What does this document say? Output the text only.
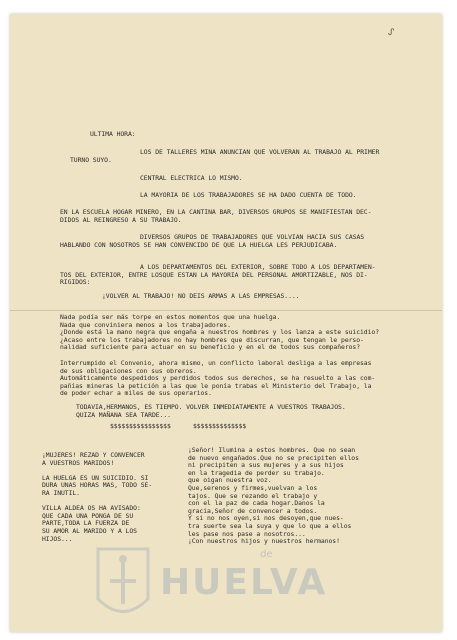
ᔑ

ULTIMA HORA:

LOS DE TALLERES MINA ANUNCIAN QUE VOLVERAN AL TRABAJO AL PRIMER
TURNO SUYO.

CENTRAL ELECTRICA LO MISMO.

LA MAYORIA DE LOS TRABAJADORES SE HA DADO CUENTA DE TODO.

EN LA ESCUELA HOGAR MINERO, EN LA CANTINA BAR, DIVERSOS GRUPOS SE MANIFIESTAN DEC-
DIDOS AL REINGRESO A SU TRABAJO.
DIVERSOS GRUPOS DE TRABAJADORES QUE VOLVIAN HACIA SUS CASAS
HABLANDO CON NOSOTROS SE HAN CONVENCIDO DE QUE LA HUELGA LES PERJUDICABA.
A LOS DEPARTAMENTOS DEL EXTERIOR, SOBRE TODO A LOS DEPARTAMEN-
TOS DEL EXTERIOR, ENTRE LOSQUE ESTAN LA MAYORIA DEL PERSONAL AMORTIZABLE, NOS DI-
RIGIDOS:

¡VOLVER AL TRABAJO! NO DEIS ARMAS A LAS EMPRESAS....

Nada podía ser más torpe en estos momentos que una huelga.
Nada que conviniera menos a los trabajadores.
¿Donde está la mano negra que engaña a nuestros hombres y los lanza a este suicidio?
¿Acaso entre los trabajadores no hay hombres que discurran, que tengan le perso-
nalidad suficiente para actuar en su beneficio y en el de todos sus compañeros?
Interrumpido el Convenio, ahora mismo, un conflicto laboral desliga a las empresas
de sus obligaciones con sus obreros.
Automáticamente despedidos y perdidos todos sus derechos, se ha resuelto a las com-
pañías mineras la petición a las que le ponía trabas el Ministerio del Trabajo, la
de poder echar a miles de sus operarios.
TODAVIA,HERMANOS, ES TIEMPO. VOLVER INMEDIATAMENTE A VUESTROS TRABAJOS.
QUIZA MAÑANA SEA TARDE...

$$$$$$$$$$$$$$$$	$$$$$$$$$$$$$$

¡MUJERES! REZAD Y CONVENCER
A VUESTROS MARIDOS!

LA HUELGA ES UN SUICIDIO. SI
DURA UNAS HORAS MAS, TODO SE-
RA INUTIL.

VILLA ALDEA OS HA AVISADO:
QUE CADA UNA PONGA DE SU
PARTE,TODA LA FUERZA DE
SU AMOR AL MARIDO Y A LOS
HIJOS...
¡Señor! Ilumina a estos hombres. Que no sean
de nuevo engañados.Que no se precipiten ellos
ni precipiten a sus mujeres y a sus hijos
en la tragedia de perder su trabajo.
que oigan nuestra voz.
Que,serenos y firmes,vuelvan a los
tajos. Que se rezando el trabajo y
con el la paz de cada hogar.Danos la
gracia,Señor de convencer a todos.
Y si no nos oyen,si nos desoyen,que nues-
tra suerte sea la suya y que lo que a ellos
les pase nos pase a nosotros...
¡Con nuestros hijos y nuestros hermanos!

de

HUELVA
